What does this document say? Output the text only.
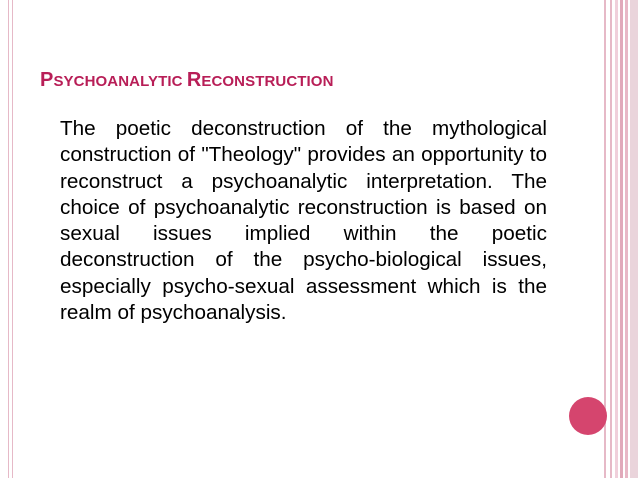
PSYCHOANALYTIC RECONSTRUCTION

The poetic deconstruction of the mythological construction of "Theology" provides an opportunity to reconstruct a psychoanalytic interpretation. The choice of psychoanalytic reconstruction is based on sexual issues implied within the poetic deconstruction of the psycho-biological issues, especially psycho-sexual assessment which is the realm of psychoanalysis.
